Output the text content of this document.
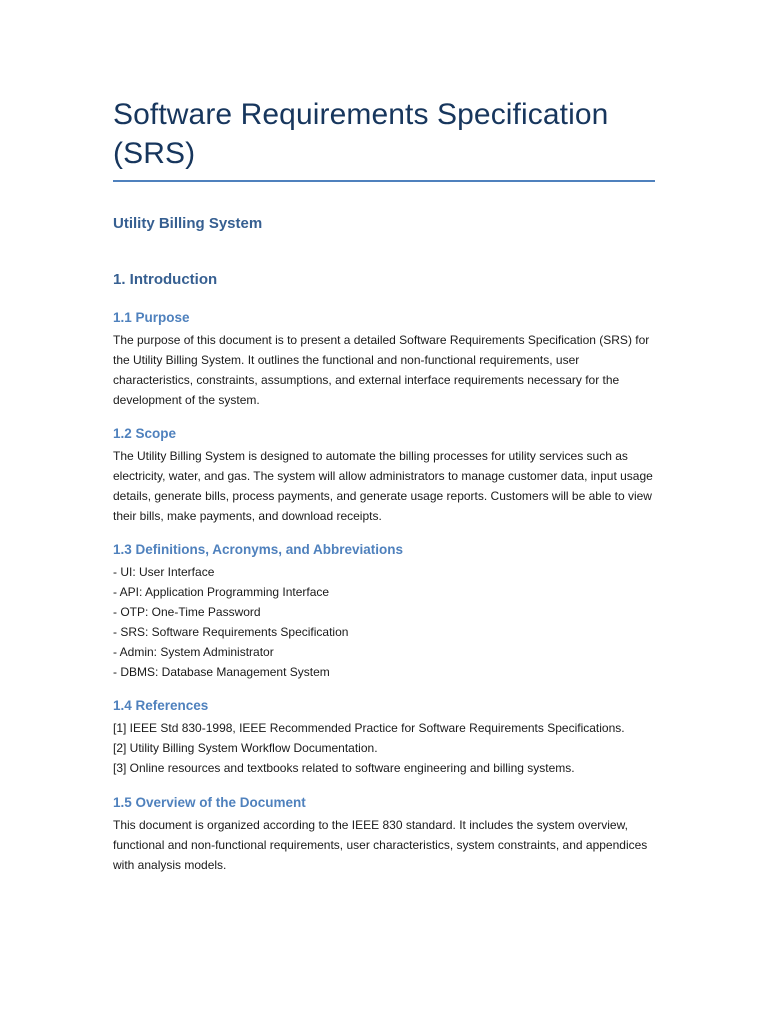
Software Requirements Specification (SRS)
Utility Billing System
1. Introduction
1.1 Purpose

The purpose of this document is to present a detailed Software Requirements Specification (SRS) for the Utility Billing System. It outlines the functional and non-functional requirements, user characteristics, constraints, assumptions, and external interface requirements necessary for the development of the system.

1.2 Scope

The Utility Billing System is designed to automate the billing processes for utility services such as electricity, water, and gas. The system will allow administrators to manage customer data, input usage details, generate bills, process payments, and generate usage reports. Customers will be able to view their bills, make payments, and download receipts.

1.3 Definitions, Acronyms, and Abbreviations
- UI: User Interface
- API: Application Programming Interface
- OTP: One-Time Password
- SRS: Software Requirements Specification
- Admin: System Administrator
- DBMS: Database Management System
1.4 References
[1] IEEE Std 830-1998, IEEE Recommended Practice for Software Requirements Specifications.
[2] Utility Billing System Workflow Documentation.
[3] Online resources and textbooks related to software engineering and billing systems.
1.5 Overview of the Document

This document is organized according to the IEEE 830 standard. It includes the system overview, functional and non-functional requirements, user characteristics, system constraints, and appendices with analysis models.
